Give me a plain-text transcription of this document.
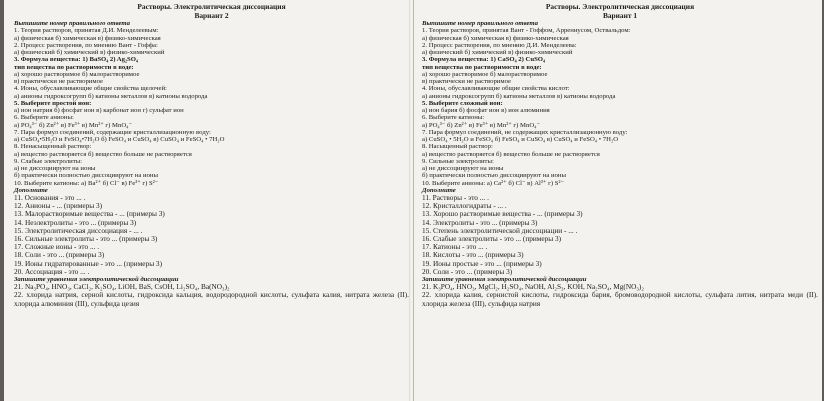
Растворы. Электролитическая диссоциация
Вариант 2
Выпишите номер правильного ответа
1. Теория растворов, принятая Д.И. Менделеевым:
а) физическая б) химическая в) физико-химическая
2. Процесс растворения, по мнению Вант - Гоффа:
а) физический б) химический в) физико-химический
3. Формула вещества: 1) BaSO₄ 2) Ag₂SO₄
тип вещества по растворимости в воде:
а) хорошо растворимое б) малорастворимое
в) практически не растворимое
4. Ионы, обуславливающие общие свойства щелочей:
а) анионы гидроксогрупп б) катионы металлов в) катионы водорода
5. Выберите простой ион:
а) ион натрия б) фосфат ион в) карбонат ион г) сульфат ион
6. Выберите анионы:
а) PO₄³⁻ б) Zn²⁺ в) Fe³⁺ в) Mn²⁺ г) MnO₄⁻
7. Пара формул соединений, содержащие кристаллизационную воду:
а) CuSO₄•5H₂O и FeSO₄•7H₂O б) FeSO₄ и CuSO₄ в) CuSO₄ и FeSO₄ • 7H₂O
8. Ненасыщенный раствор:
а) вещество растворяется б) вещество больше не растворяется
9. Слабые электролиты:
а) не диссоциируют на ионы
б) практически полностью диссоциируют на ионы
10. Выберите катионы: а) Ba²⁺ б) Cl⁻ в) Fe³⁺ г) S²⁻
Дополните
11. Основания - это ... .
12. Анионы - ... (примеры 3)
13. Малорастворимые вещества - ... (примеры 3)
14. Неэлектролиты - это ... (примеры 3)
15. Электролитическая диссоциация - ... .
16. Сильные электролиты - это ... (примеры 3)
17. Сложные ионы - это ... .
18. Соли - это ... (примеры 3)
19. Ионы гидратированные - это ... (примеры 3)
20. Ассоциация - это ... .
Запишите уравнения электролитической диссоциации
21. Na₃PO₄, HNO₃, CaCl₂, K₂SO₄, LiOH, BaS, CsOH, Li₂SO₄, Ba(NO₃)₂
22. хлорида натрия, серной кислоты, гидроксида кальция, водородородной кислоты, сульфата калия, нитрата железа (II). хлорида алюминия (III), сульфида цезия
Растворы. Электролитическая диссоциация
Вариант 1
Выпишите номер правильного ответа
1. Теория растворов, принятая Вант - Гоффом, Аррениусом, Оствальдом:
а) физическая б) химическая в) физико-химическая
2. Процесс растворения, по мнению Д.И. Менделеева:
а) физический б) химический в) физико-химический
3. Формула вещества: 1) CaSO₄ 2) CuSO₄
тип вещества по растворимости в воде:
а) хорошо растворимое б) малорастворимое
в) практически не растворимое
4. Ионы, обуславливающие общие свойства кислот:
а) анионы гидроксогрупп б) катионы металлов в) катионы водорода
5. Выберите сложный ион:
а) ион бария б) фосфат ион в) ион алюминия
6. Выберите катионы:
а) PO₄³⁻ б) Zn²⁺ в) Fe³⁺ в) Mn²⁺ г) MnO₄⁻
7. Пара формул соединений, не содержащих кристаллизационную воду:
а) CuSO₄ • 5H₂O и FeSO₄ б) FeSO₄ и CuSO₄ в) CuSO₄ и FeSO₄ • 7H₂O
8. Насыщенный раствор:
а) вещество растворяется б) вещество больше не растворяется
9. Сильные электролиты:
а) не диссоциируют на ионы
б) практически полностью диссоциируют на ионы
10. Выберите анионы: а) Ca²⁺ б) Cl⁻ в) Al³⁺ г) S²⁻
Дополните
11. Растворы - это ... .
12. Кристаллогидраты - ... .
13. Хорошо растворимые вещества - ... (примеры 3)
14. Электролиты - это ... (примеры 3)
15. Степень электролитической диссоциации - ... .
16. Слабые электролиты - это ... (примеры 3)
17. Катионы - это ... .
18. Кислоты - это ... (примеры 3)
19. Ионы простые - это ... (примеры 3)
20. Соли - это ... (примеры 3)
Запишите уравнения электролитической диссоциации
21. K₃PO₄, HNO₃, MgCl₂, H₂SO₄, NaOH, Al₂S₃, KOH, Na₂SO₄, Mg(NO₃)₂
22. хлорида калия, сернистой кислоты, гидроксида бария, бромоводородной кислоты, сульфата лития, нитрата меди (II). хлорида железа (III), сульфида натрия
